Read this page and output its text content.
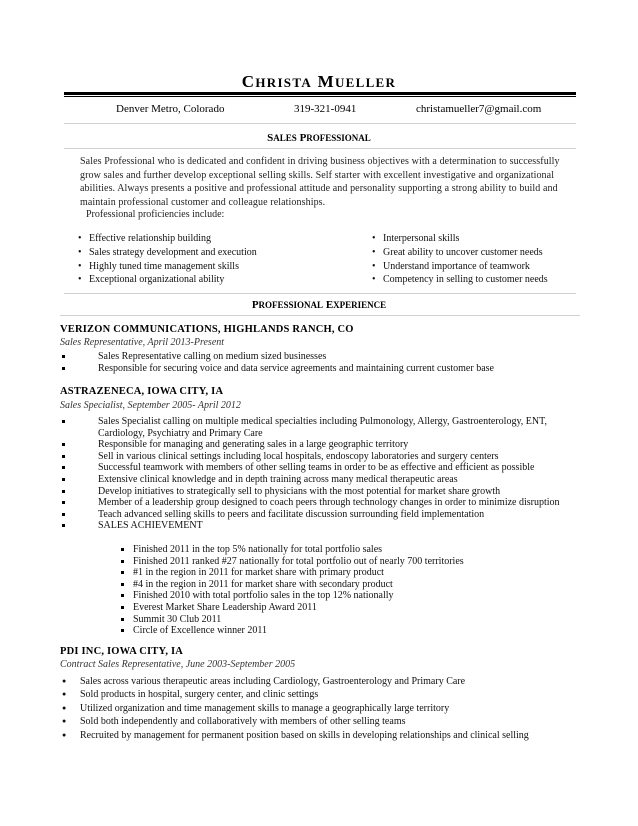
CHRISTA MUELLER
Denver Metro, Colorado	319-321-0941	christamueller7@gmail.com
SALES PROFESSIONAL
Sales Professional who is dedicated and confident in driving business objectives with a determination to successfully grow sales and further develop exceptional selling skills. Self starter with excellent investigative and organizational abilities. Always presents a positive and professional attitude and personality supporting a strong ability to build and maintain professional customer and colleague relationships.
Professional proficiencies include:
• Effective relationship building
• Sales strategy development and execution
• Highly tuned time management skills
• Exceptional organizational ability
• Interpersonal skills
• Great ability to uncover customer needs
• Understand importance of teamwork
• Competency in selling to customer needs
PROFESSIONAL EXPERIENCE
VERIZON COMMUNICATIONS, HIGHLANDS RANCH, CO
Sales Representative, April 2013-Present
Sales Representative calling on medium sized businesses
Responsible for securing voice and data service agreements and maintaining current customer base
ASTRAZENECA, IOWA CITY, IA
Sales Specialist, September 2005- April 2012
Sales Specialist calling on multiple medical specialties including Pulmonology, Allergy, Gastroenterology, ENT, Cardiology, Psychiatry and Primary Care
Responsible for managing and generating sales in a large geographic territory
Sell in various clinical settings including local hospitals, endoscopy laboratories and surgery centers
Successful teamwork with members of other selling teams in order to be as effective and efficient as possible
Extensive clinical knowledge and in depth training across many medical therapeutic areas
Develop initiatives to strategically sell to physicians with the most potential for market share growth
Member of a leadership group designed to coach peers through technology changes in order to minimize disruption
Teach advanced selling skills to peers and facilitate discussion surrounding field implementation
SALES ACHIEVEMENT
Finished 2011 in the top 5% nationally for total portfolio sales
Finished 2011 ranked #27 nationally for total portfolio out of nearly 700 territories
#1 in the region in 2011 for market share with primary product
#4 in the region in 2011 for market share with secondary product
Finished 2010 with total portfolio sales in the top 12% nationally
Everest Market Share Leadership Award 2011
Summit 30 Club 2011
Circle of Excellence winner 2011
PDI INC, IOWA CITY, IA
Contract Sales Representative, June 2003-September 2005
● Sales across various therapeutic areas including Cardiology, Gastroenterology and Primary Care
● Sold products in hospital, surgery center, and clinic settings
● Utilized organization and time management skills to manage a geographically large territory
● Sold both independently and collaboratively with members of other selling teams
● Recruited by management for permanent position based on skills in developing relationships and clinical selling
